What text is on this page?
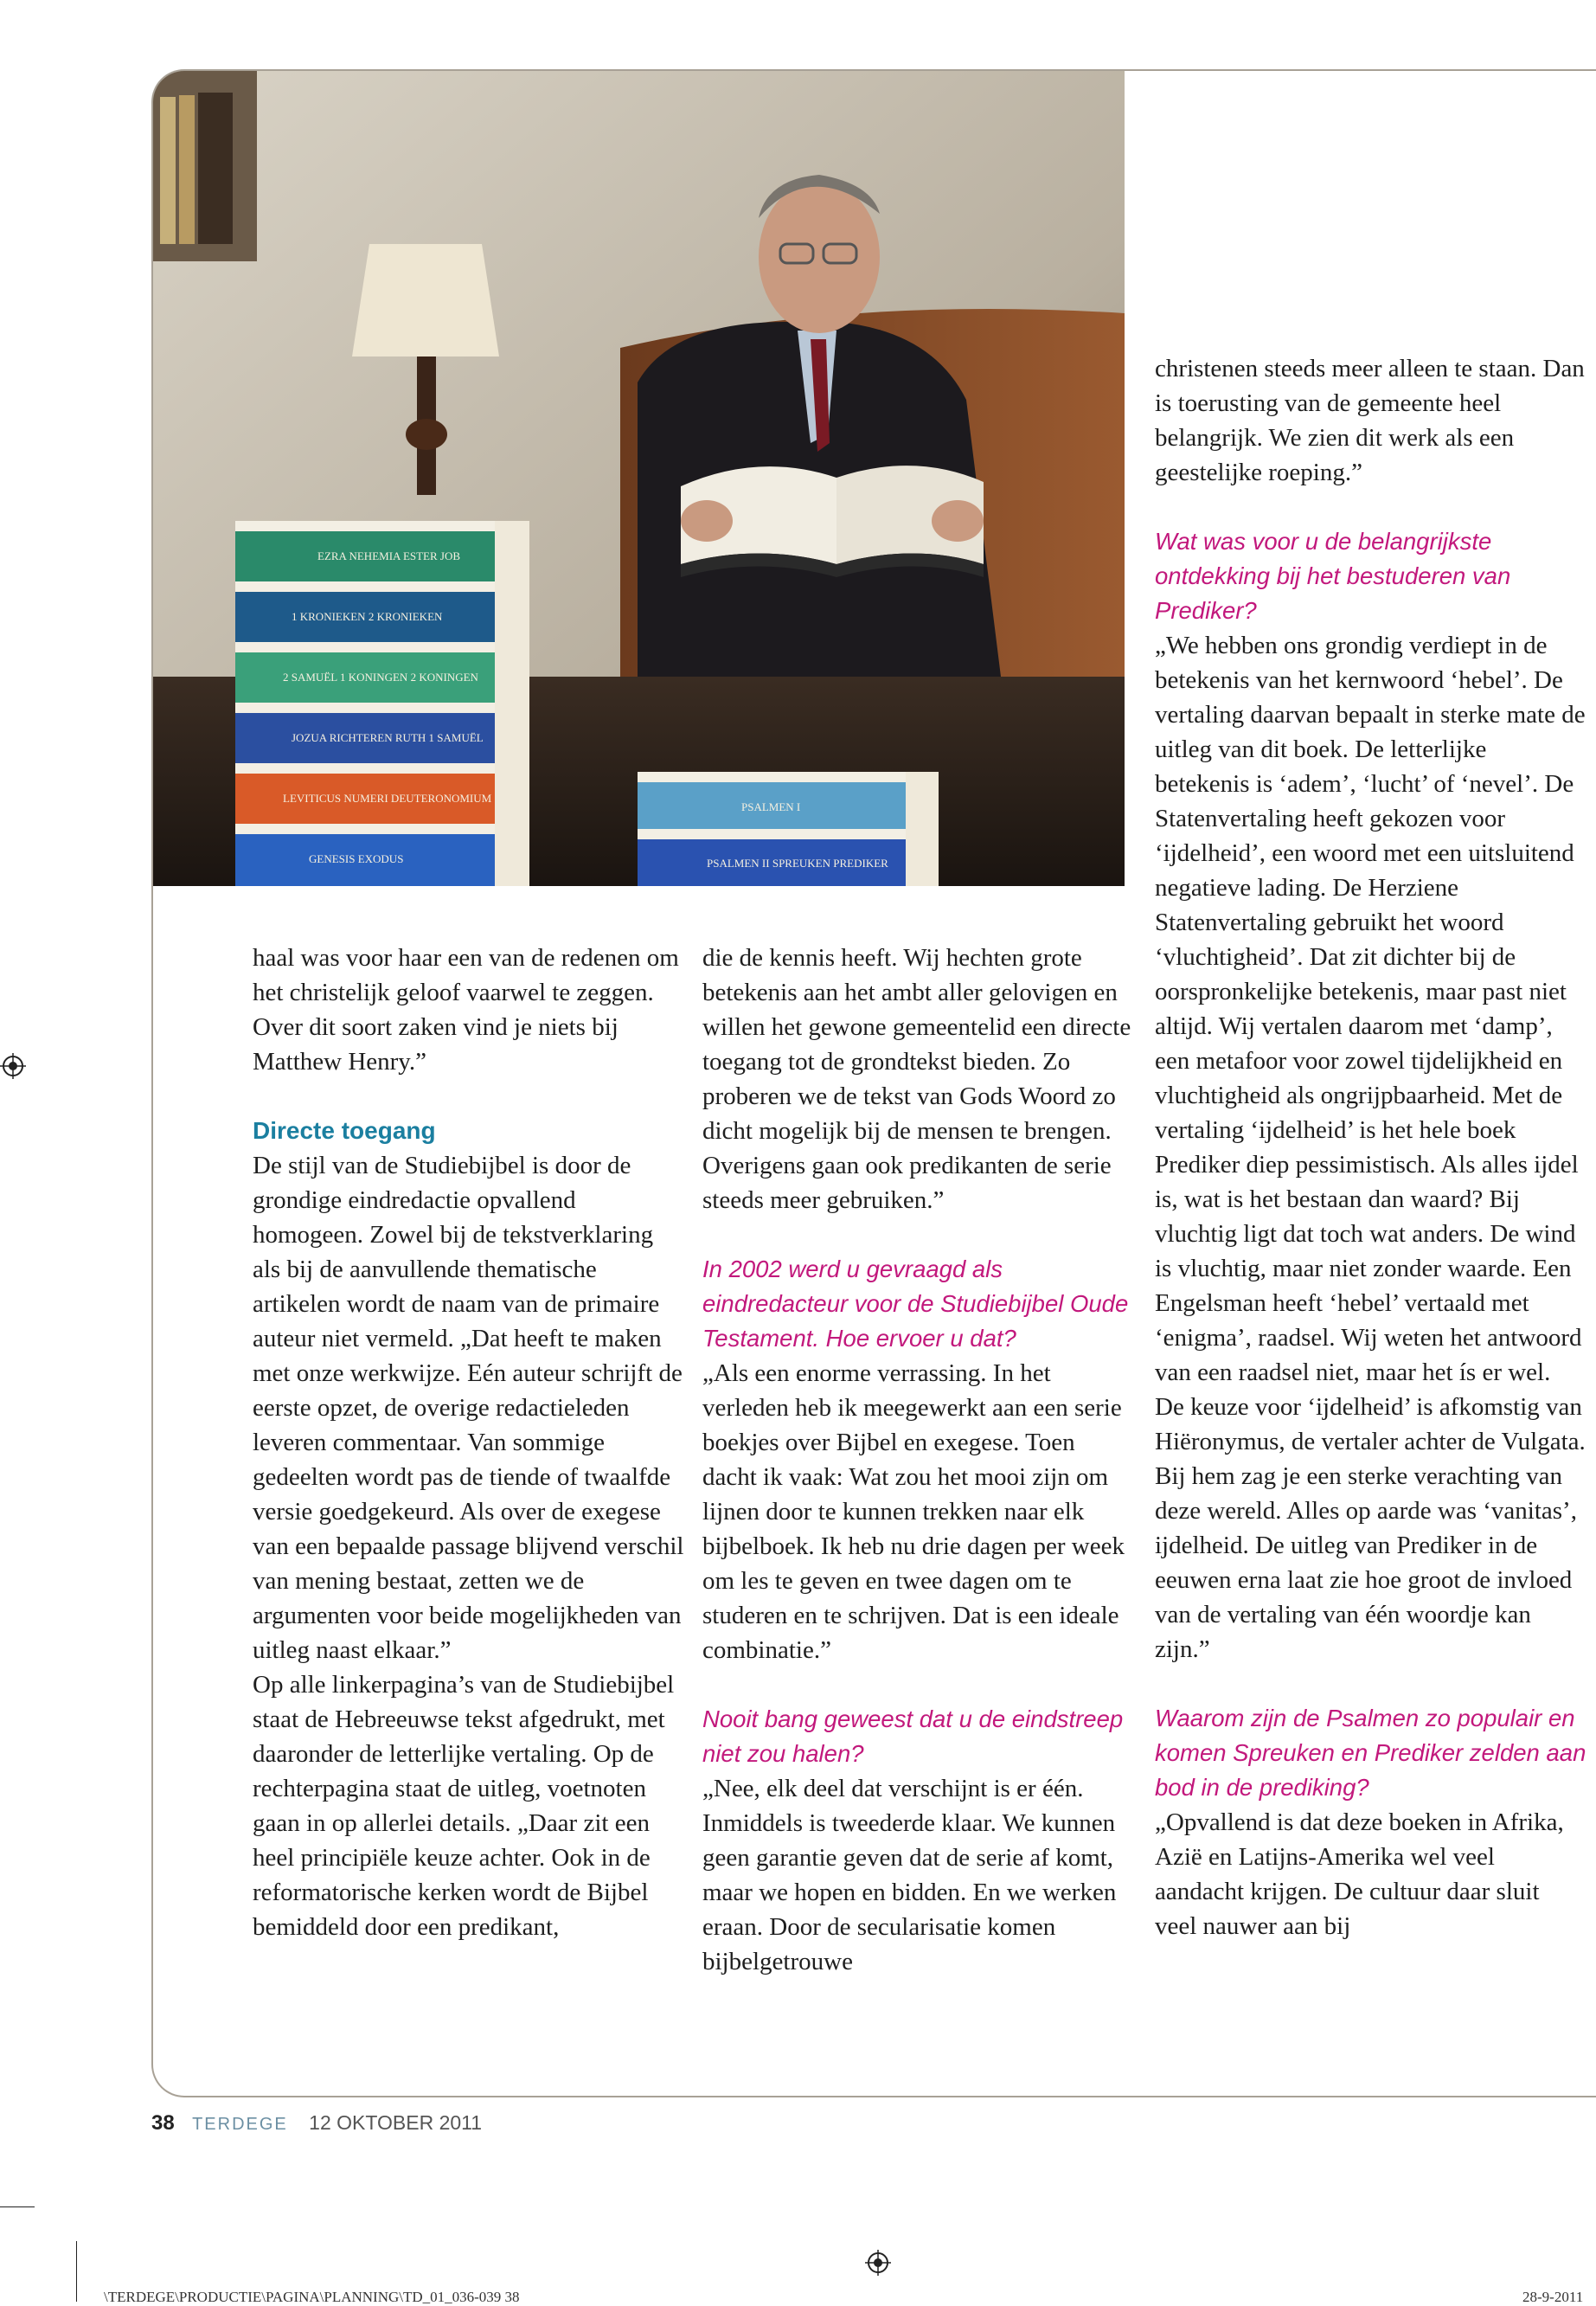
EZRA NEHEMIA ESTER JOB
1 KRONIEKEN 2 KRONIEKEN
2 SAMUËL 1 KONINGEN 2 KONINGEN
JOZUA RICHTEREN RUTH 1 SAMUËL
LEVITICUS NUMERI DEUTERONOMIUM
GENESIS EXODUS
PSALMEN I
PSALMEN II SPREUKEN PREDIKER

haal was voor haar een van de redenen om het christelijk geloof vaarwel te zeggen. Over dit soort zaken vind je niets bij Matthew Henry.”

Directe toegang

De stijl van de Studiebijbel is door de grondige eindredactie opvallend homogeen. Zowel bij de tekstverklaring als bij de aanvullende thematische artikelen wordt de naam van de primaire auteur niet vermeld. „Dat heeft te maken met onze werkwijze. Eén auteur schrijft de eerste opzet, de overige redactieleden leveren commentaar. Van sommige gedeelten wordt pas de tiende of twaalfde versie goedgekeurd. Als over de exegese van een bepaalde passage blijvend verschil van mening bestaat, zetten we de argumenten voor beide mogelijkheden van uitleg naast elkaar.”

Op alle linkerpagina’s van de Studiebijbel staat de Hebreeuwse tekst afgedrukt, met daaronder de letterlijke vertaling. Op de rechterpagina staat de uitleg, voetnoten gaan in op allerlei details. „Daar zit een heel principiële keuze achter. Ook in de reformatorische kerken wordt de Bijbel bemiddeld door een predikant,

die de kennis heeft. Wij hechten grote betekenis aan het ambt aller gelovigen en willen het gewone gemeentelid een directe toegang tot de grondtekst bieden. Zo proberen we de tekst van Gods Woord zo dicht mogelijk bij de mensen te brengen. Overigens gaan ook predikanten de serie steeds meer gebruiken.”

In 2002 werd u gevraagd als eindredacteur voor de Studiebijbel Oude Testament. Hoe ervoer u dat?

„Als een enorme verrassing. In het verleden heb ik meegewerkt aan een serie boekjes over Bijbel en exegese. Toen dacht ik vaak: Wat zou het mooi zijn om lijnen door te kunnen trekken naar elk bijbelboek. Ik heb nu drie dagen per week om les te geven en twee dagen om te studeren en te schrijven. Dat is een ideale combinatie.”

Nooit bang geweest dat u de eindstreep niet zou halen?

„Nee, elk deel dat verschijnt is er één. Inmiddels is tweederde klaar. We kunnen geen garantie geven dat de serie af komt, maar we hopen en bidden. En we werken eraan. Door de secularisatie komen bijbelgetrouwe

christenen steeds meer alleen te staan. Dan is toerusting van de gemeente heel belangrijk. We zien dit werk als een geestelijke roeping.”

Wat was voor u de belangrijkste ontdekking bij het bestuderen van Prediker?

„We hebben ons grondig verdiept in de betekenis van het kernwoord ‘hebel’. De vertaling daarvan bepaalt in sterke mate de uitleg van dit boek. De letterlijke betekenis is ‘adem’, ‘lucht’ of ‘nevel’. De Statenvertaling heeft gekozen voor ‘ijdelheid’, een woord met een uitsluitend negatieve lading. De Herziene Statenvertaling gebruikt het woord ‘vluchtigheid’. Dat zit dichter bij de oorspronkelijke betekenis, maar past niet altijd. Wij vertalen daarom met ‘damp’, een metafoor voor zowel tijdelijkheid en vluchtigheid als ongrijpbaarheid. Met de vertaling ‘ijdelheid’ is het hele boek Prediker diep pessimistisch. Als alles ijdel is, wat is het bestaan dan waard? Bij vluchtig ligt dat toch wat anders. De wind is vluchtig, maar niet zonder waarde. Een Engelsman heeft ‘hebel’ vertaald met ‘enigma’, raadsel. Wij weten het antwoord van een raadsel niet, maar het ís er wel.

De keuze voor ‘ijdelheid’ is afkomstig van Hiëronymus, de vertaler achter de Vulgata. Bij hem zag je een sterke verachting van deze wereld. Alles op aarde was ‘vanitas’, ijdelheid. De uitleg van Prediker in de eeuwen erna laat zie hoe groot de invloed van de vertaling van één woordje kan zijn.”

Waarom zijn de Psalmen zo populair en komen Spreuken en Prediker zelden aan bod in de prediking?

„Opvallend is dat deze boeken in Afrika, Azië en Latijns-Amerika wel veel aandacht krijgen. De cultuur daar sluit veel nauwer aan bij

38 TERDEGE 12 OKTOBER 2011
\TERDEGE\PRODUCTIE\PAGINA\PLANNING\TD_01_036-039 38	28-9-2011
